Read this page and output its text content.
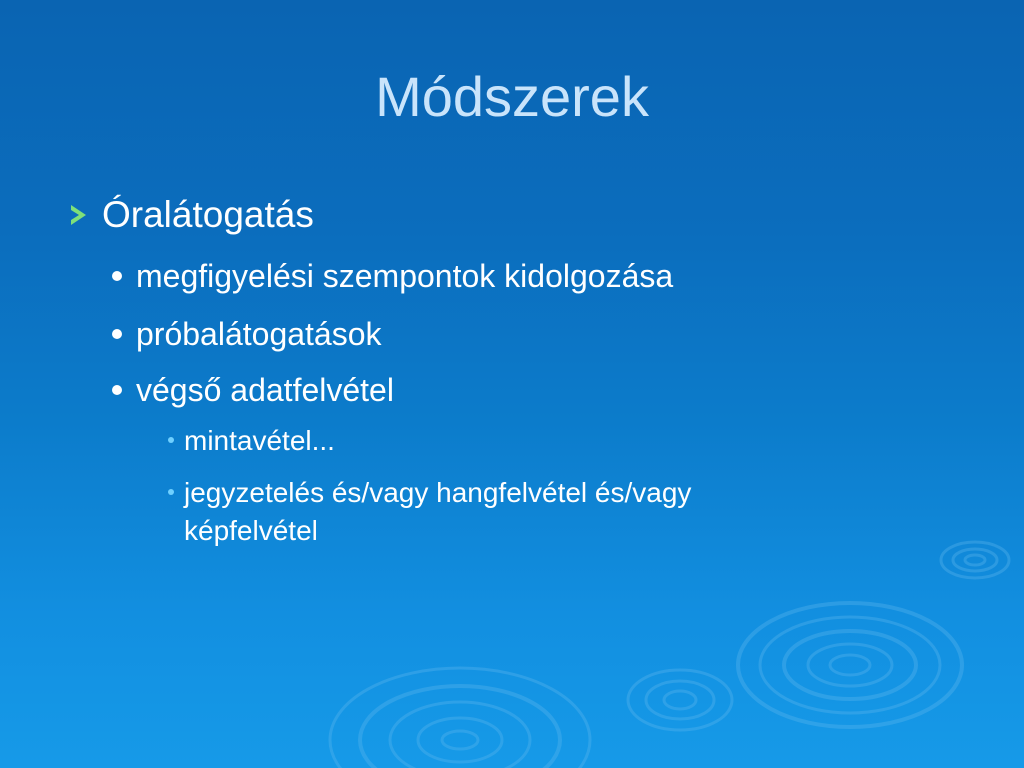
Módszerek
Óralátogatás
megfigyelési szempontok kidolgozása
próbalátogatások
végső adatfelvétel
mintavétel...
jegyzetelés és/vagy hangfelvétel és/vagy képfelvétel
